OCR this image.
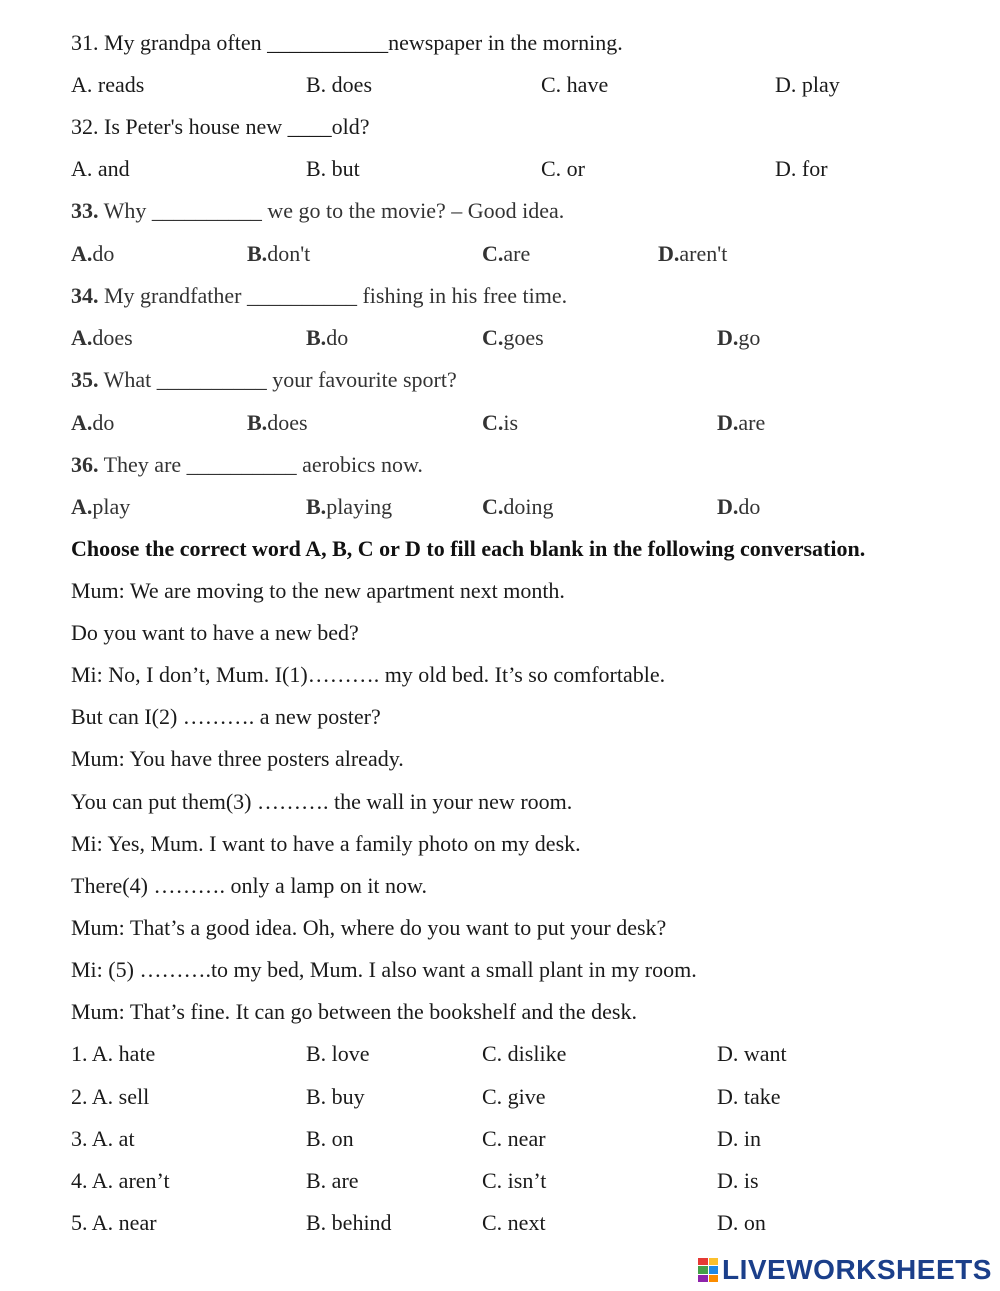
31. My grandpa often ___________newspaper in the morning.
A. reads	B. does	C. have	D. play
32. Is Peter's house new ____old?
A. and	B. but	C. or	D. for
33. Why __________ we go to the movie? – Good idea.
A.do	B.don't	C.are	D.aren't
34. My grandfather __________ fishing in his free time.
A.does	B.do	C.goes	D.go
35. What __________ your favourite sport?
A.do	B.does	C.is	D.are
36. They are __________ aerobics now.
A.play	B.playing	C.doing	D.do
Choose the correct word A, B, C or D to fill each blank in the following conversation.
Mum: We are moving to the new apartment next month.
Do you want to have a new bed?
Mi: No, I don’t, Mum. I(1)………. my old bed. It’s so comfortable.
But can I(2) ………. a new poster?
Mum: You have three posters already.
You can put them(3) ………. the wall in your new room.
Mi: Yes, Mum. I want to have a family photo on my desk.
There(4) ………. only a lamp on it now.
Mum: That’s a good idea. Oh, where do you want to put your desk?
Mi: (5) ……….to my bed, Mum. I also want a small plant in my room.
Mum: That’s fine. It can go between the bookshelf and the desk.
1. A. hate	B. love	C. dislike	D. want
2. A. sell	B. buy	C. give	D. take
3. A. at	B. on	C. near	D. in
4. A. aren’t	B. are	C. isn’t	D. is
5. A. near	B. behind	C. next	D. on
LIVEWORKSHEETS
